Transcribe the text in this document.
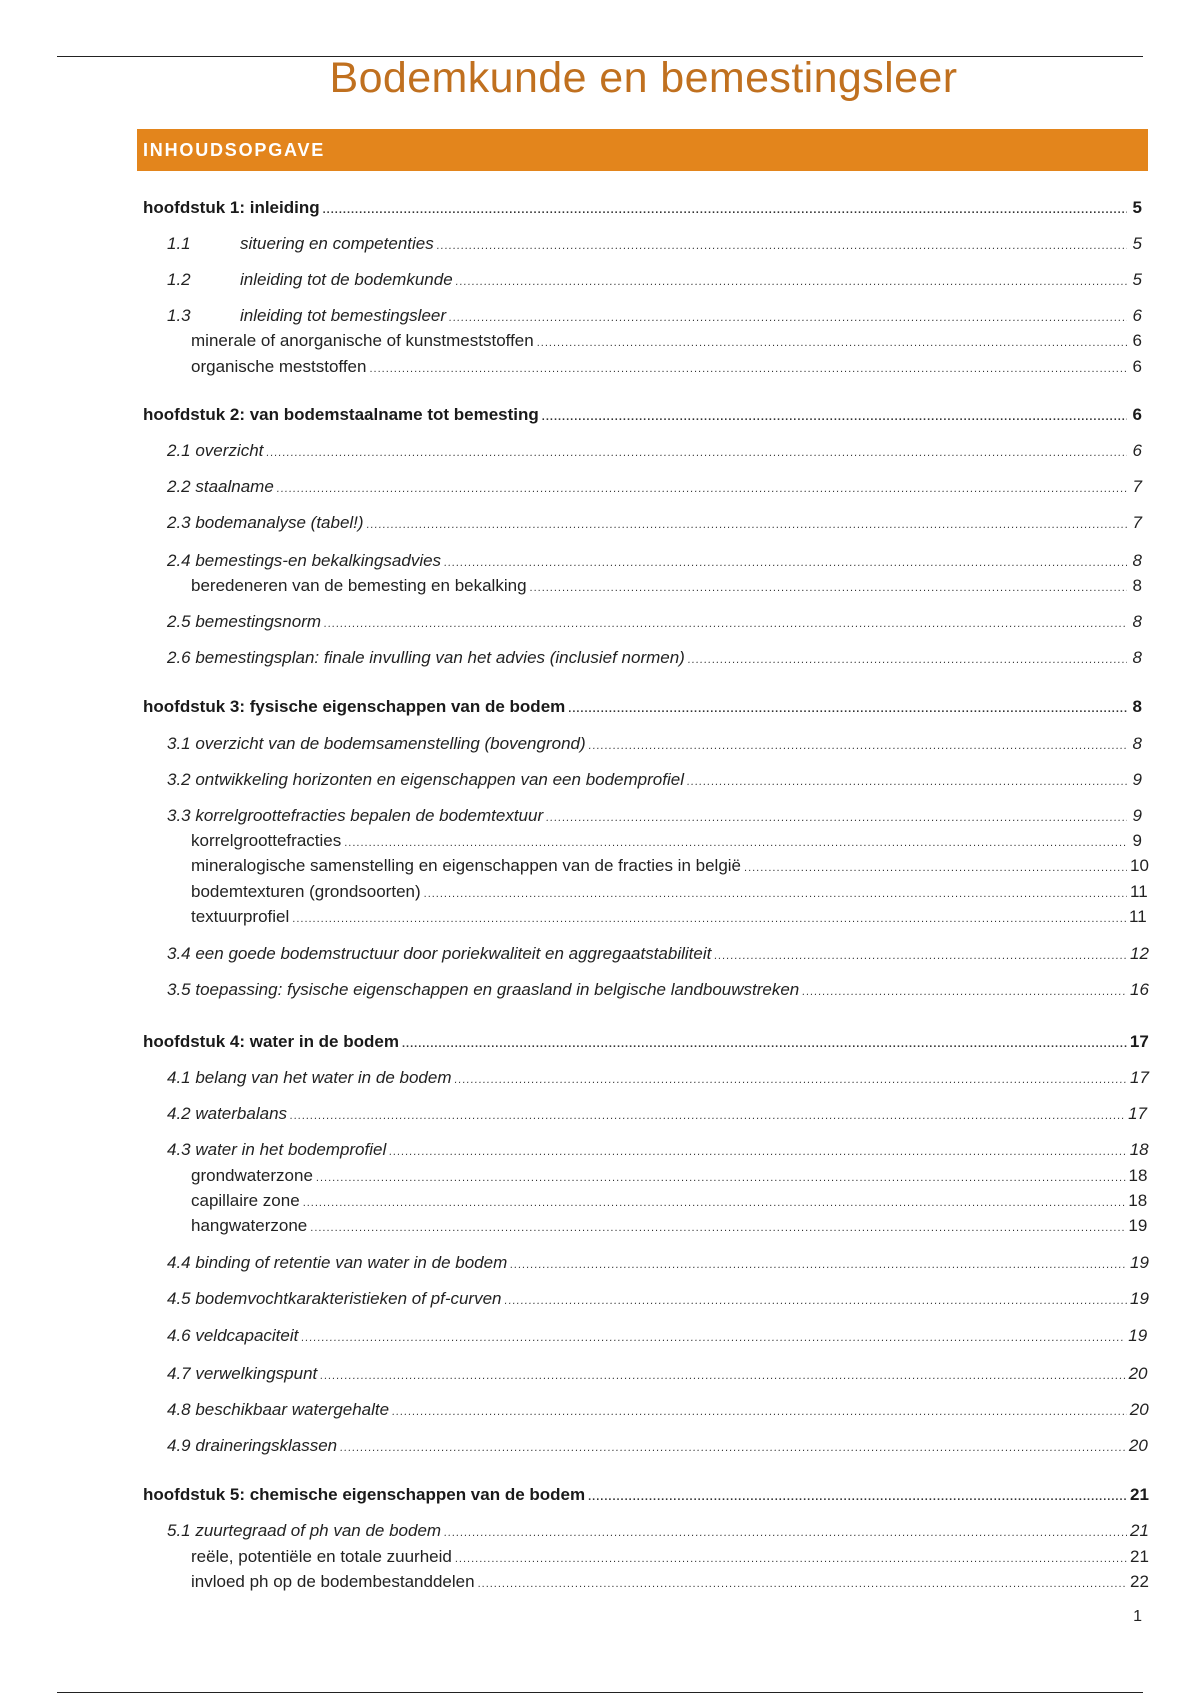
Bodemkunde en bemestingsleer
INHOUDSOPGAVE
hoofdstuk 1: inleiding .....	5
1.1	situering en competenties .....	5
1.2	inleiding tot de bodemkunde .....	5
1.3	inleiding tot bemestingsleer .....	6
minerale of anorganische of kunstmeststoffen .....	6
organische meststoffen .....	6
hoofdstuk 2: van bodemstaalname tot bemesting .....	6
2.1 overzicht .....	6
2.2 staalname .....	7
2.3 bodemanalyse (tabel!) .....	7
2.4 bemestings-en bekalkingsadvies .....	8
beredeneren van de bemesting en bekalking .....	8
2.5 bemestingsnorm .....	8
2.6 bemestingsplan: finale invulling van het advies (inclusief normen) .....	8
hoofdstuk 3: fysische eigenschappen van de bodem .....	8
3.1 overzicht van de bodemsamenstelling (bovengrond) .....	8
3.2 ontwikkeling horizonten en eigenschappen van een bodemprofiel .....	9
3.3 korrelgroottefracties bepalen de bodemtextuur .....	9
korrelgroottefracties .....	9
mineralogische samenstelling en eigenschappen van de fracties in belgië .....	10
bodemtexturen (grondsoorten) .....	11
textuurprofiel .....	11
3.4 een goede bodemstructuur door poriekwaliteit en aggregaatstabiliteit .....	12
3.5 toepassing: fysische eigenschappen en graasland in belgische landbouwstreken .....	16
hoofdstuk 4: water in de bodem .....	17
4.1 belang van het water in de bodem .....	17
4.2 waterbalans .....	17
4.3 water in het bodemprofiel .....	18
grondwaterzone .....	18
capillaire zone .....	18
hangwaterzone .....	19
4.4 binding of retentie van water in de bodem .....	19
4.5 bodemvochtkarakteristieken of pf-curven .....	19
4.6 veldcapaciteit .....	19
4.7 verwelkingspunt .....	20
4.8 beschikbaar watergehalte .....	20
4.9 draineringsklassen .....	20
hoofdstuk 5: chemische eigenschappen van de bodem .....	21
5.1 zuurtegraad of ph van de bodem .....	21
reële, potentiële en totale zuurheid .....	21
invloed ph op de bodembestanddelen .....	22
1
